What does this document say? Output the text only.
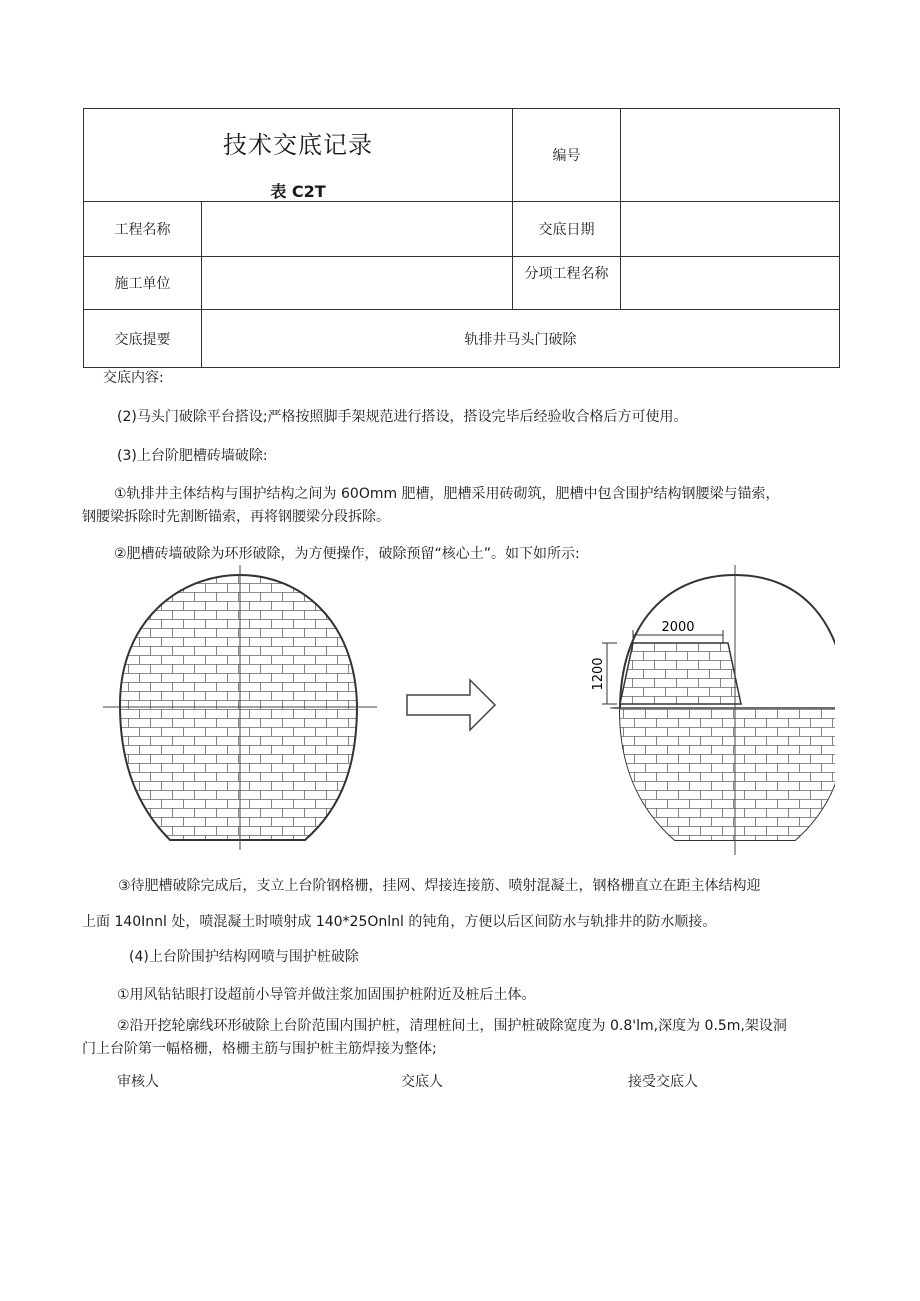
技术交底记录
表 C2T		编号	
工程名称		交底日期	
施工单位		分项工程名称	
交底提要	轨排井马头门破除		
交底内容:
(2)马头门破除平台搭设;严格按照脚手架规范进行搭设，搭设完毕后经验收合格后方可使用。
(3)上台阶肥槽砖墙破除:
①轨排井主体结构与围护结构之间为 60Omm 肥槽，肥槽采用砖砌筑，肥槽中包含围护结构钢腰梁与锚索，
钢腰梁拆除时先割断锚索，再将钢腰梁分段拆除。
②肥槽砖墙破除为环形破除，为方便操作，破除预留“核心土”。如下如所示:
2000
1200
③待肥槽破除完成后，支立上台阶钢格栅，挂网、焊接连接筋、喷射混凝土，钢格栅直立在距主体结构迎
上面 140Innl 处，喷混凝土时喷射成 140*25Onlnl 的钝角，方便以后区间防水与轨排井的防水顺接。
(4)上台阶围护结构网喷与围护桩破除
①用风钻钻眼打设超前小导管并做注浆加固围护桩附近及桩后土体。
②沿开挖轮廓线环形破除上台阶范围内围护桩，清理桩间土，围护桩破除宽度为 0.8'lm,深度为 0.5m,架设洞
门上台阶第一幅格栅，格栅主筋与围护桩主筋焊接为整体;
审核人	交底人	接受交底人
